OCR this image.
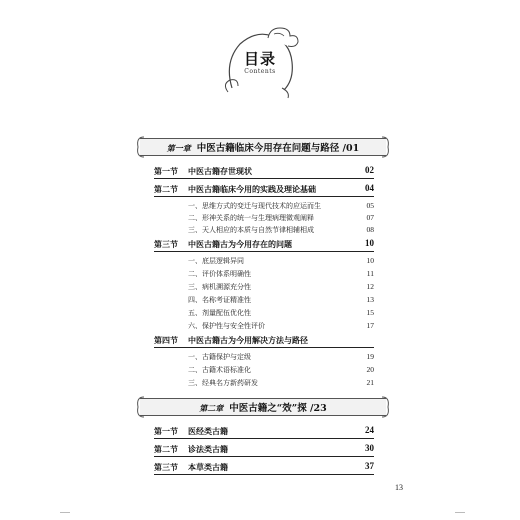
目录
Contents
第一章 中医古籍临床今用存在问题与路径 /01
第一节 中医古籍存世现状	02
第二节 中医古籍临床今用的实践及理论基础	04
一、思维方式的变迁与现代技术的应运而生	05
二、形神关系的统一与生理病理微观阐释	07
三、天人相应的本质与自然节律相辅相成	08
第三节 中医古籍古为今用存在的问题	10
一、底层逻辑异同	10
二、评价体系明确性	11
三、病机溯源充分性	12
四、名称考证精准性	13
五、剂量配伍优化性	15
六、保护性与安全性评价	17
第四节 中医古籍古为今用解决方法与路径
一、古籍保护与定级	19
二、古籍术语标准化	20
三、经典名方新药研发	21
第二章 中医古籍之“效”探 /23
第一节 医经类古籍	24
第二节 诊法类古籍	30
第三节 本草类古籍	37
13
